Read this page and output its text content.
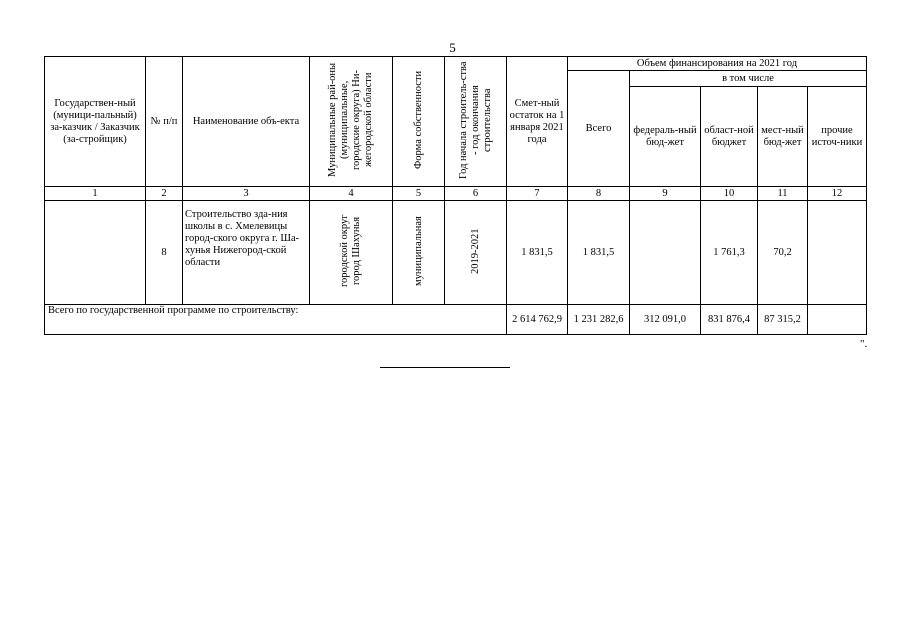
5
Государствен-ный (муници-пальный) за-казчик / Заказчик (за-стройщик)	№ п/п	Наименование объ-екта	Муниципальные рай-оны (муниципальные, городские округа) Ни-жегородской области	Форма собственности	Год начала строитель-ства - год окончания строительства	Смет-ный остаток на 1 января 2021 года	Объем финансирования на 2021 год				
							Всего	в том числе			
								федераль-ный бюд-жет	област-ной бюджет	мест-ный бюд-жет	прочие источ-ники
1	2	3	4	5	6	7	8	9	10	11	12
	8	Строительство зда-ния школы в с. Хмелевицы город-ского округа г. Ша-хунья Нижегород-ской области	городской округ город Шахунья	муниципальная	2019-2021	1 831,5	1 831,5		1 761,3	70,2	
Всего по государственной программе по строительству:						2 614 762,9	1 231 282,6	312 091,0	831 876,4	87 315,2	
".
